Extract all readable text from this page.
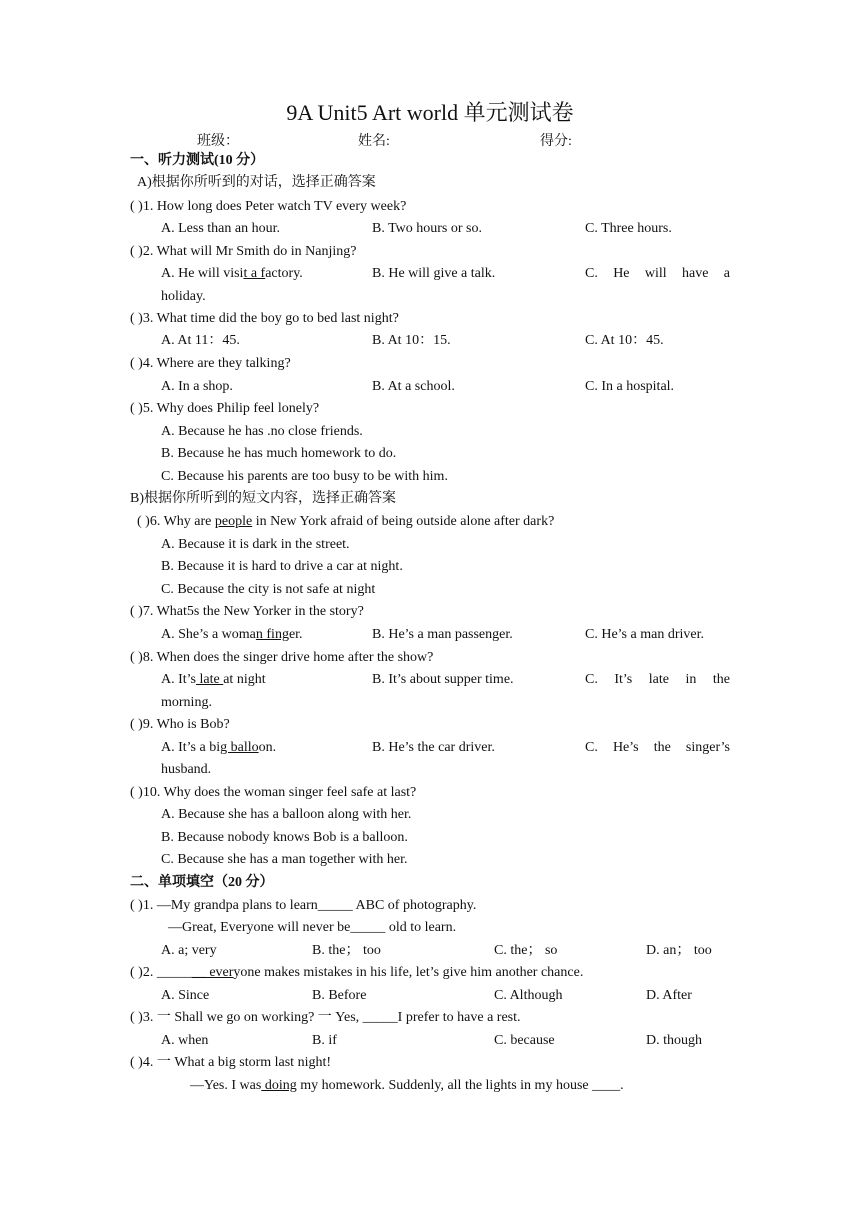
9A Unit5 Art world 单元测试卷
班级：	姓名:	得分:
一、听力测试(10 分）
A)根据你所听到的对话，选择正确答案
( )1. How long does Peter watch TV every week?
A. Less than an hour.	B. Two hours or so.	C. Three hours.
( )2. What will Mr Smith do in Nanjing?
A. He will visit a factory.	B. He will give a talk.	C. He will have a
holiday.
( )3. What time did the boy go to bed last night?
A. At 11：45.	B. At 10：15.	C. At 10：45.
( )4. Where are they talking?
A. In a shop.	B. At a school.	C. In a hospital.
( )5. Why does Philip feel lonely?
A. Because he has .no close friends.
B. Because he has much homework to do.
C. Because his parents are too busy to be with him.
B)根据你所听到的短文内容，选择正确答案
( )6. Why are people in New York afraid of being outside alone after dark?
A. Because it is dark in the street.
B. Because it is hard to drive a car at night.
C. Because the city is not safe at night
( )7. What5s the New Yorker in the story?
A. She’s a woman finger.	B. He’s a man passenger.	C. He’s a man driver.
( )8. When does the singer drive home after the show?
A. It’s late at night	B. It’s about supper time.	C. It’s late in the
morning.
( )9. Who is Bob?
A. It’s a big balloon.	B. He’s the car driver.	C. He’s the singer’s
husband.
( )10. Why does the woman singer feel safe at last?
A. Because she has a balloon along with her.
B. Because nobody knows Bob is a balloon.
C. Because she has a man together with her.
二、单项填空（20 分）
( )1. —My grandpa plans to learn_____ ABC of photography.
—Great, Everyone will never be_____ old to learn.
A. a; very	B. the； too	C. the； so	D. an； too
( )2. _______ everyone makes mistakes in his life, let’s give him another chance.
A. Since	B. Before	C. Although	D. After
( )3. 一 Shall we go on working? 一 Yes, _____I prefer to have a rest.
A. when	B. if	C. because	D. though
( )4. 一 What a big storm last night!
—Yes. I was doing my homework. Suddenly, all the lights in my house ____.
